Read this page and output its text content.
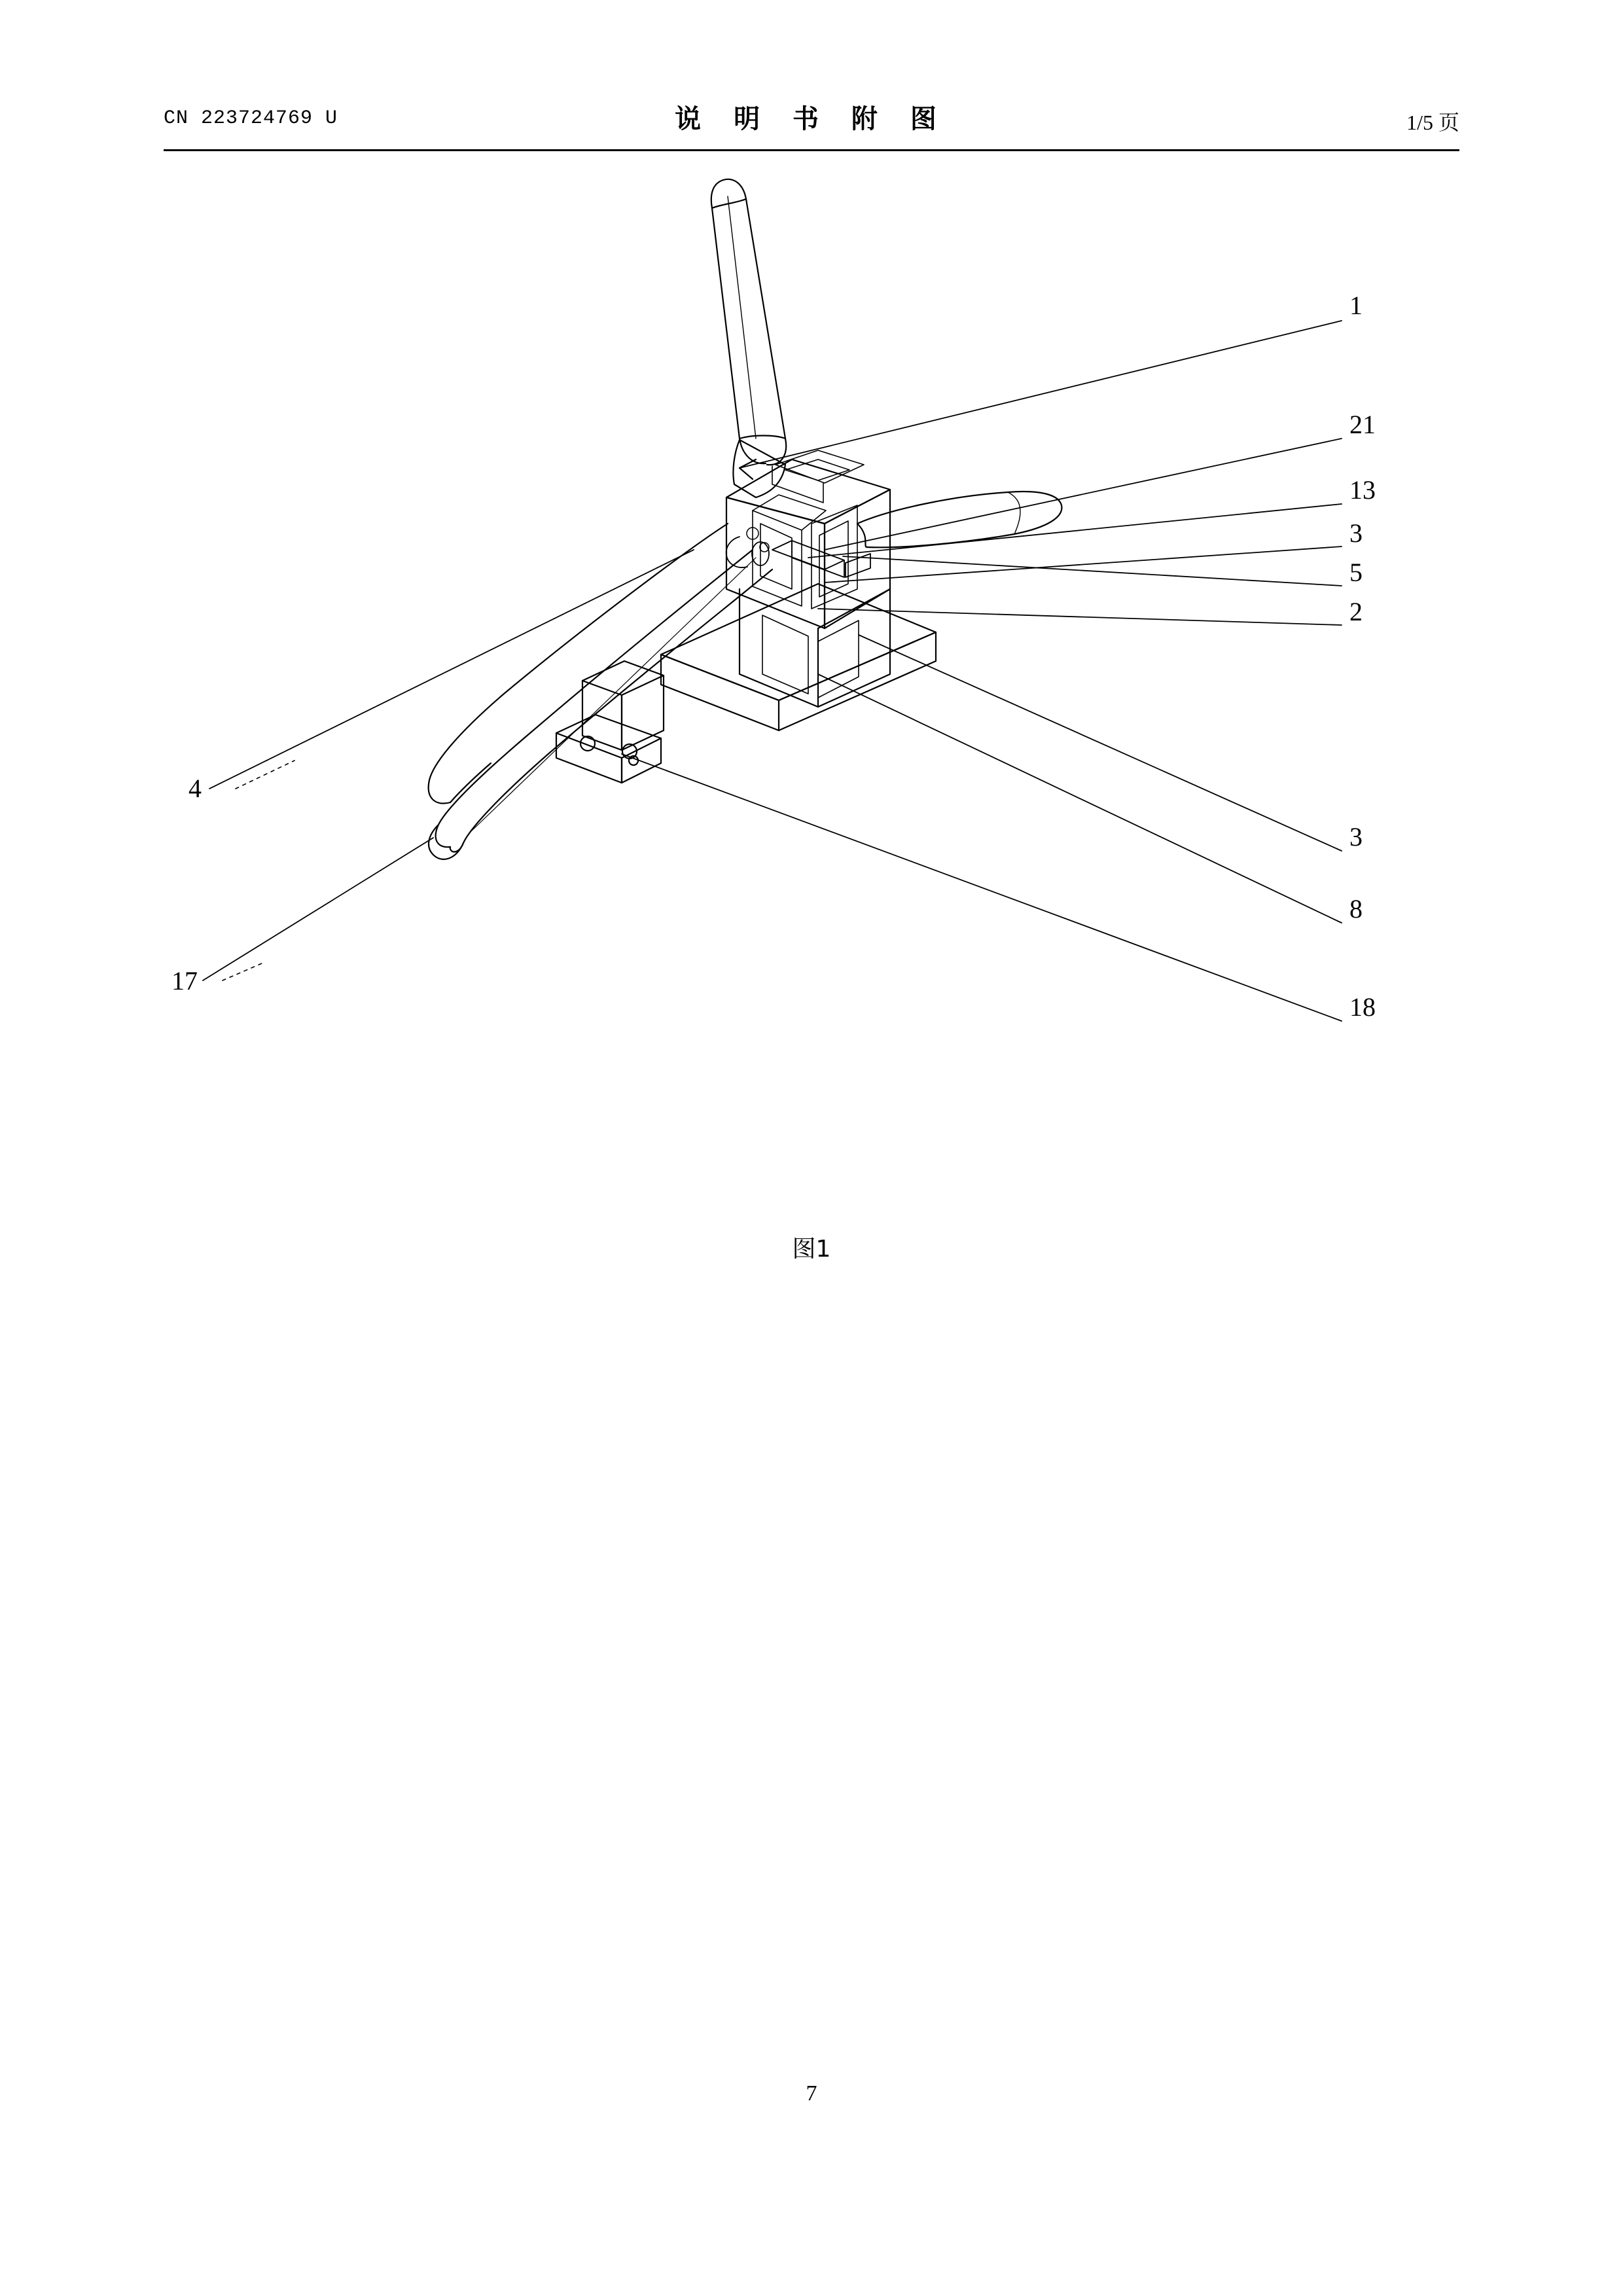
CN 223724769 U	说 明 书 附 图	1/5 页
1
21
13
3
5
2
3
8
18
4
17
图1
7
